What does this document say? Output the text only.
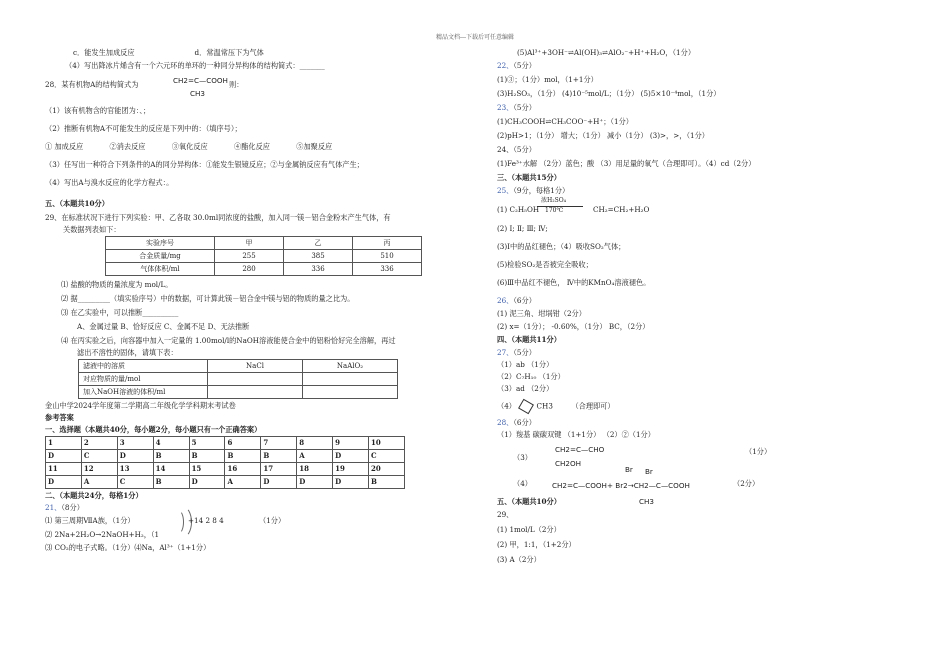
精品文档---下载后可任意编辑

c．能发生加成反应	d．常温常压下为气体

（4）写出降冰片烯含有一个六元环的单环的一种同分异构体的结构简式：_______

28．某有机物A的结构简式为	CH2=C—COOH
CH3
则：

（1）该有机物含的官能团为：、；

（2）推断有机物A不可能发生的反应是下列中的：（填序号）；

① 加成反应	②消去反应	③氧化反应	④酯化反应	⑤加聚反应

（3）任写出一种符合下列条件的A的同分异构体：①能发生银镜反应；②与金属钠反应有气体产生；

（4）写出A与溴水反应的化学方程式：。

五、（本题共10分）

29、在标准状况下进行下列实验：甲、乙各取 30.0ml同浓度的盐酸，加入同一镁－铝合金粉末产生气体，有

关数据列表如下：

实验序号	甲	乙	丙
合金质量/mg	255	385	510
气体体积/ml	280	336	336

⑴ 盐酸的物质的量浓度为 mol/L。

⑵ 据_________（填实验序号）中的数据，可计算此镁－铝合金中镁与铝的物质的量之比为。

⑶ 在乙实验中，可以推断__________

A、金属过量 B、恰好反应 C、金属不足 D、无法推断

⑷ 在丙实验之后，向容器中加入一定量的 1.00mol/l的NaOH溶液能使合金中的铝粉恰好完全溶解，再过

滤出不溶性的固体，请填下表：

滤液中的溶质	NaCl	NaAlO₂
对应物质的量/mol		
加入NaOH溶液的体积/ml		

金山中学2024学年度第二学期高二年级化学学科期末考试卷

参考答案

一、选择题（本题共40分，每小题2分，每小题只有一个正确答案）

1	2	3	4	5	6	7	8	9	10
D	C	D	B	B	B	B	A	D	C
11	12	13	14	15	16	17	18	19	20
D	A	C	B	D	A	D	D	D	B

二、（本题共24分，每格1分）

21、（8分）

⑴ 第三周期ⅦA族，（1分）	+14 2 8 4	（1分）

⑵ 2Na+2H₂O→2NaOH+H₂，（1

⑶ CO₂的电子式略。（1分）⑷Na，Al³⁺（1+1分）

(5)Al³⁺+3OH⁻⇌Al(OH)₃⇌AlO₂⁻+H⁺+H₂O，（1分）

22、（5分）

(1)③；（1分）mol，（1+1分）

(3)H₂SO₃，（1分） (4)10⁻⁵mol/L；（1分） (5)5×10⁻⁴mol，（1分）

23、（5分）

(1)CH₃COOH⇌CH₃COO⁻+H⁺；（1分）

(2)pH>1；（1分） 增大；（1分） 减小（1分） (3)>，>，（1分）

24、（5分）

(1)Fe³⁺水解 （2分）蓝色；酸 （3）用足量的氧气（合理即可）。（4）cd（2分）

三、（本题共15分）

25、（9分，每格1分）

(1) C₂H₅OH
浓H₂SO₄
170℃	CH₂=CH₂+H₂O

(2) Ⅰ; Ⅱ; Ⅲ; Ⅳ;

(3)Ⅰ中的品红褪色；（4）吸收SO₂气体；

(5)检验SO₂是否被完全吸收；

(6)Ⅲ中品红不褪色， Ⅳ中的KMnO₄溶液褪色。

26、（6分）

(1) 泥三角、坩埚钳（2分）

(2) x=（1分）； -0.60%，（1分） BC，（2分）

四、（本题共11分）

27、（5分）

（1）ab （1分）

（2）C₇H₁₀ （1分）

（3）ad （2分）

（4）	CH3	（合理即可）

28、（6分）

（1）羧基 碳碳双键 （1+1分） （2）②（1分）

（3）
CH2=C—CHO
CH2OH
（1分）
Br Br
（4）	CH2=C—COOH+ Br2→CH2—C—COOH	（2分）
CH3

五、（本题共10分）

29、

(1) 1mol/L（2分）

(2) 甲，1:1，（1+2分）

(3) A（2分）
